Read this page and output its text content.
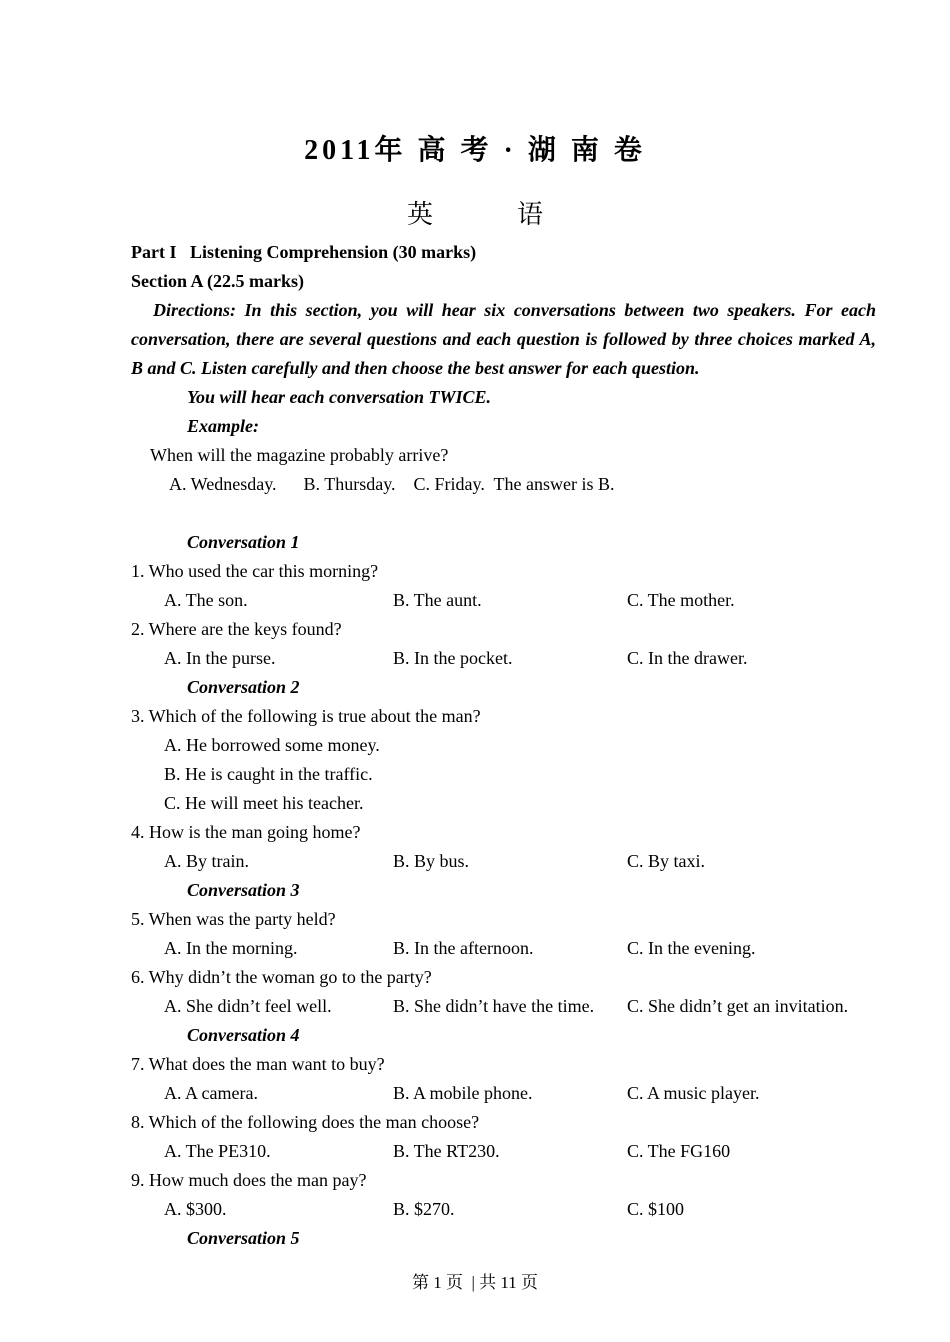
2011年 高 考 · 湖 南 卷
英	语
Part I   Listening Comprehension (30 marks)
Section A (22.5 marks)
Directions: In this section, you will hear six conversations between two speakers. For each conversation, there are several questions and each question is followed by three choices marked A, B and C. Listen carefully and then choose the best answer for each question.
You will hear each conversation TWICE.
Example:
When will the magazine probably arrive?
A. Wednesday.      B. Thursday.    C. Friday.  The answer is B.
Conversation 1
1. Who used the car this morning?
A. The son.	B. The aunt.	C. The mother.
2. Where are the keys found?
A. In the purse.	B. In the pocket.	C. In the drawer.
Conversation 2
3. Which of the following is true about the man?
A. He borrowed some money.
B. He is caught in the traffic.
C. He will meet his teacher.
4. How is the man going home?
A. By train.	B. By bus.	C. By taxi.
Conversation 3
5. When was the party held?
A. In the morning.	B. In the afternoon.	C. In the evening.
6. Why didn’t the woman go to the party?
A. She didn’t feel well.	B. She didn’t have the time. C. She didn’t get an invitation.
Conversation 4
7. What does the man want to buy?
A. A camera.	B. A mobile phone.	C. A music player.
8. Which of the following does the man choose?
A. The PE310.	B. The RT230.	C. The FG160
9. How much does the man pay?
A. $300.	B. $270.	C. $100
Conversation 5
第 1 页  | 共 11 页
